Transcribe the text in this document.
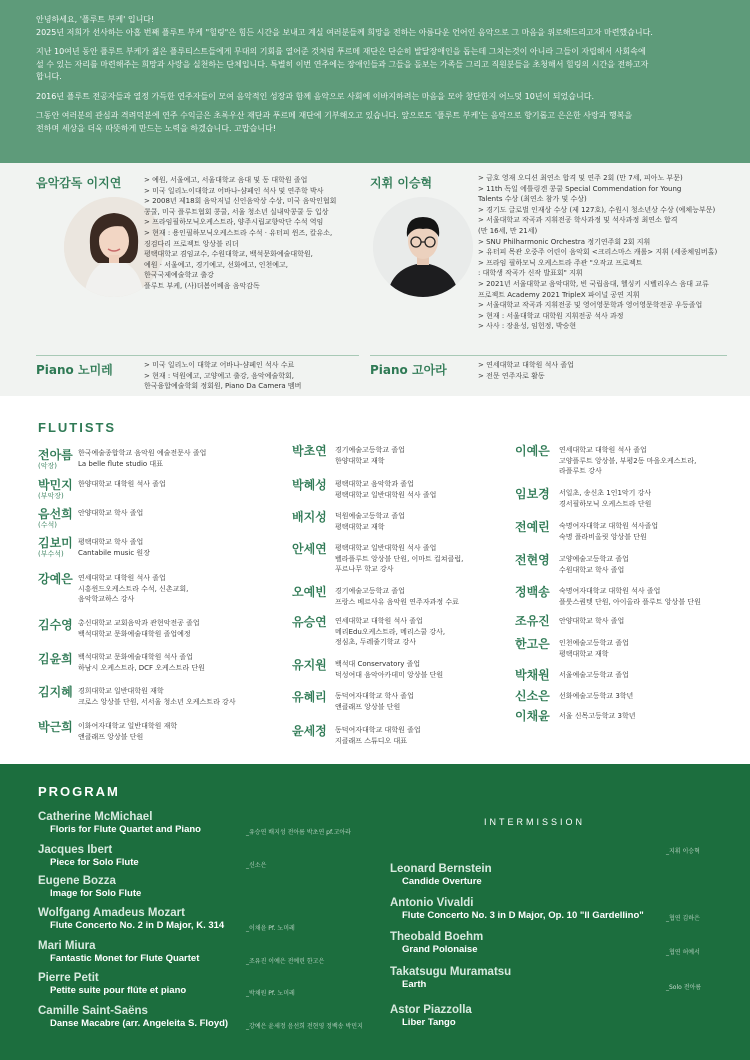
안녕하세요, '플루트 부케' 입니다!
2025년 저희가 선사하는 아홉 번째 플루트 부케 "힐링"은 힘든 시간을 보내고 계실 여러분들께 희망을 전하는 아름다운 언어인 음악으로 그 마음을 위로해드리고자 마련했습니다.

지난 10여년 동안 플루트 부케가 젊은 플루티스트들에게 무대의 기회를 열어준 것처럼 푸르메 재단은 단순히 발달장애인을 돕는데 그치는것이 아니라 그들이 자립해서 사회속에
설 수 있는 자리를 마련해주는 희망과 사랑을 실천하는 단체입니다. 특별히 이번 연주에는 장애인들과 그들을 돌보는 가족들 그리고 직원분들을 초청해서 힐링의 시간을 전하고자
합니다.

2016년 플루트 전공자들과 열정 가득한 연주자들이 모여 음악적인 성장과 함께 음악으로 사회에 이바지하려는 마음을 모아 창단한지 어느덧 10년이 되었습니다.

그동안 여러분의 관심과 격려덕분에 연주 수익금은 초록우산 재단과 푸르메 재단에 기부해오고 있습니다. 앞으로도 '플루트 부케'는 음악으로 향기롭고 은은한 사랑과 행복을
전하며 세상을 더욱 따뜻하게 만드는 노력을 하겠습니다. 고맙습니다!

음악감독 이지연	> 예원, 서울예고, 서울대학교 음대 및 동 대학원 졸업
> 미국 일리노이대학교 어바나-샴페인 석사 및 연주학 박사
> 2008년 제18회 음악저널 신인음악상 수상, 미국 음악인협회
콩쿨, 미국 플루트협회 콩쿨, 서울 청소년 실내악콩쿨 등 입상
> 프라임필하모닉오케스트라, 양주시립교향악단 수석 역임
> 현재 : 용인필하모닉오케스트라 수석 · 유터피 윈즈, 칼유소,
징검다리 프로젝트 앙상블 리더
평택대학교 겸임교수, 수원대학교, 백석문화예술대학원,
예원 · 서울예고, 경기예고, 선화예고, 인천예고,
한국국제예술학교 출강
플루트 부케, (사)더봄어베음 음악감독
지휘 이승혁	> 금호 영재 오디션 최연소 합격 및 연주 2회 (만 7세, 피아노 부문)
> 11th 독일 에틀링겐 콩쿨 Special Commendation for Young
Talents 수상 (최연소 참가 및 수상)
> 경기도 글로벌 인재상 수상 (제 127호), 수원시 청소년상 수상 (예체능부문)
> 서울대학교 작곡과 지휘전공 학사과정 및 석사과정 최연소 합격
(만 16세, 만 21세)
> SNU Philharmonic Orchestra 정기연주회 2회 지휘
> 유터피 목관 오중주 어린이 음악회 <크리스마스 캐롤> 지휘 (세종체임버홀)
> 프라임 필하모닉 오케스트라 주관 "오작교 프로젝트
: 대학생 작곡가 신작 발표회" 지휘
> 2021년 서울대학교 음악대학, 빈 국립음대, 헬싱키 시벨리우스 음대 교류
프로젝트 Academy 2021 TripleX 파이널 공연 지휘
> 서울대학교 작곡과 지휘전공 및 영어영문학과 영어영문학전공 우등졸업
> 현재 : 서울대학교 대학원 지휘전공 석사 과정
> 사사 : 장윤성, 임헌정, 박승현
Piano 노미레	> 미국 일리노이 대학교 어바나-샴페인 석사 수료
> 현재 : 덕원예고, 고양예고 출강, 음악예술학회,
한국융합예술학회 정회원, Piano Da Camera 멤버
Piano 고아라	> 연세대학교 대학원 석사 졸업
> 전문 연주자로 활동
FLUTISTS
전아름
(악장)
한국예술종합학교 음악원 예술전문사 졸업
La belle flute studio 대표
박민지
(부악장)
한양대학교 대학원 석사 졸업
음선희
(수석)
안양대학교 학사 졸업
김보미
(부수석)
평택대학교 학사 졸업
Cantabile music 원장
강예은 연세대학교 대학원 석사 졸업
시흥윈드오케스트라 수석, 신촌교회,
음악학교하스 강사
김수영 총신대학교 교회음악과 관현악전공 졸업
백석대학교 문화예술대학원 졸업예정
김윤희 백석대학교 문화예술대학원 석사 졸업
하남시 오케스트라, DCF 오케스트라 단원
김지혜 경희대학교 일반대학원 재학
크로스 앙상블 단원, 서서울 청소년 오케스트라 강사
박근희 이화여자대학교 일반대학원 재학
앤클래프 앙상블 단원
박초연 경기예술고등학교 졸업
한양대학교 재학
박혜성 평택대학교 음악학과 졸업
평택대학교 일반대학원 석사 졸업
배지성 덕원예술고등학교 졸업
평택대학교 재학
안세연 평택대학교 일반대학원 석사 졸업
벨라플루트 앙상블 단원, 이마트 컬쳐클럽,
푸르나무 학교 강사
오예빈 경기예술고등학교 졸업
프랑스 베르사유 음악원 연주자과정 수료
유승연 연세대학교 대학원 석사 졸업
메리Edu오케스트라, 메리스쿨 강사,
정심초, 두레줄기학교 강사
유지원 백석대 Conservatory 졸업
덕성여대 음악아카데미 앙상블 단원
유혜리 동덕여자대학교 학사 졸업
앤클래프 앙상블 단원
윤세정 동덕여자대학교 대학원 졸업
지클래프 스튜디오 대표
이예은 연세대학교 대학원 석사 졸업
고양플루트 앙상블, 부평2동 마을오케스트라,
라플루트 강사
임보경 서일초, 송신초 1인1악기 강사
경서필하모닉 오케스트라 단원
전예린 숙명여자대학교 대학원 석사졸업
숙명 플라비올릿 앙상블 단원
전현영 고양예술고등학교 졸업
수원대학교 학사 졸업
정백송 숙명여자대학교 대학원 석사 졸업
플룻스퀀텟 단원, 아이올라 플루트 앙상블 단원
조유진 안양대학교 학사 졸업
한고은 인천예술고등학교 졸업
평택대학교 재학
박채원 서울예술고등학교 졸업
신소은 선화예술고등학교 3학년
이채윤 서울 신목고등학교 3학년
PROGRAM
INTERMISSION
Catherine McMichael
Floris for Flute Quartet and Piano	_유승연 배지성 전아름 박초연 pf.고아라
Jacques Ibert
Piece for Solo Flute	_신소은
Eugene Bozza
Image for Solo Flute
Wolfgang Amadeus Mozart
Flute Concerto No. 2 in D Major, K. 314	_이채윤 Pf. 노미레
Mari Miura
Fantastic Monet for Flute Quartet	_조유진 이예은 전예린 한고은
Pierre Petit
Petite suite pour flûte et piano	_박채원 Pf. 노미레
Camille Saint-Saëns
Danse Macabre (arr. Angeleita S. Floyd)	_강예은 윤세정 음선희 전현영 정백송 박민지
_지휘 이승혁
Leonard Bernstein
Candide Overture
Antonio Vivaldi
Flute Concerto No. 3 in D Major, Op. 10 "Il Gardellino"	_협연 김하은
Theobald Boehm
Grand Polonaise	_협연 허예서
Takatsugu Muramatsu
Earth	_Solo 전아름
Astor Piazzolla
Liber Tango
